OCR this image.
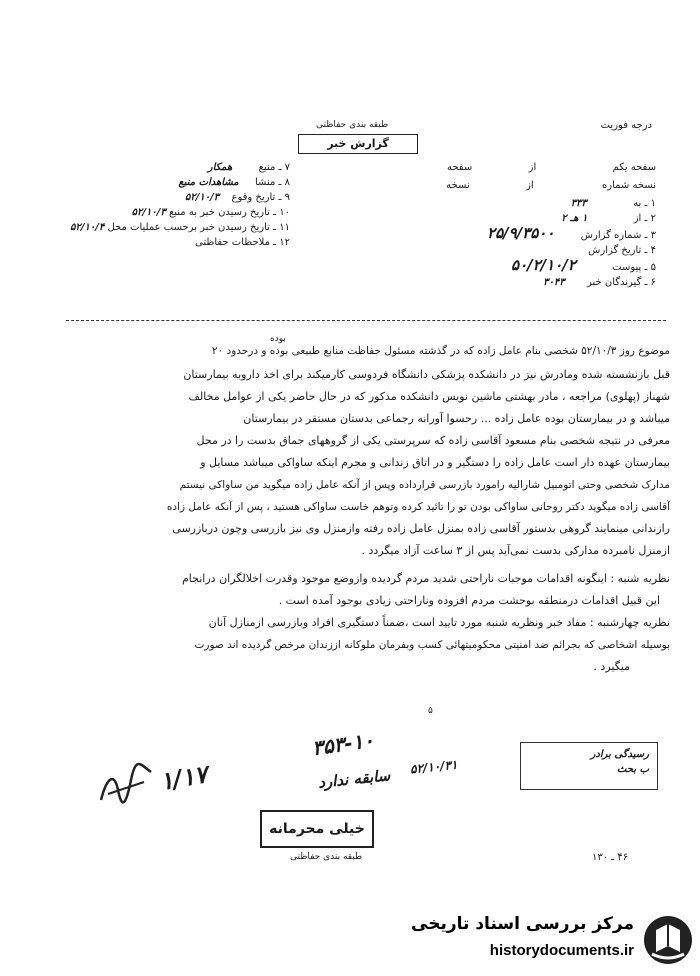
درجه فوریت
طبقه بندی حفاظتی
گزارش خبر
سفحه یکم  از  سفحه
نسخه شماره  از  نسخه
۱ ـ به  ۳۳۳
۲ ـ از  ۱ هـ ۲
۳ ـ شماره گزارش  ۲۵/۹/۳۵۰۰
۴ ـ تاریخ گزارش
۵ ـ پیوست  ۵۰/۲/۱۰/۲
۶ ـ گیرندگان خبر  ۳۰۴۳
۷ ـ منبع  همکار
۸ ـ منشا  مشاهدات منبع
۹ ـ تاریخ وقوع  ۵۲/۱۰/۳
۱۰ ـ تاریخ رسیدن خبر به منبع ۵۲/۱۰/۳
۱۱ ـ تاریخ رسیدن خبر برحسب عملیات محل ۵۲/۱۰/۴
۱۲ ـ ملاحظات حفاظتی
بوده
موضوع روز ۵۲/۱۰/۳ شخصی بنام عامل زاده که در گذشته مسئول حفاظت منابع طبیعی بوده و درحدود ۲۰
قبل بازنشسته شده ومادرش نیز در دانشکده پزشکی دانشگاه فردوسی کارمیکند برای اخذ داروبه بیمارستان
شهناز (پهلوی) مراجعه ، مادر بهشتی ماشین نویس دانشکده مذکور که در حال حاضر یکی از عوامل مخالف
میباشد و در بیمارستان بوده عامل زاده ... رحسوا آورانه رجماعی بدستان مستقر در بیمارستان
معرفی در نتیجه شخصی بنام مسعود آقاسی زاده که سرپرستی یکی از گروههای جماق بدست را در محل
بیمارستان عهده دار است عامل زاده را دستگیر و در اتاق زندانی و مجرم اینکه ساواکی میباشد مسایل و
مدارک شخصی وحتی اتومبیل شارالیه رامورد بازرسی قرارداده وپس از آنکه عامل زاده میگوید من ساواکی نیستم
آقاسی زاده میگوید دکتر روحانی ساواکی بودن تو را تائید کرده وتوهم خاست ساواکی هستید ، پس از آنکه عامل زاده
رازندانی مینمایند گروهی بدستور آقاسی زاده بمنزل عامل زاده رفته وازمنزل وی نیز بازرسی وچون دربازرسی
ازمنزل نامبرده مدارکی بدست نمی‌آید پس از ۳ ساعت آزاد میگردد .
نظریه شنبه : اینگونه اقدامات موجبات ناراحتی شدید مردم گردیده وازوضع موجود وقدرت اخلالگران درانجام
این قبیل اقدامات درمنطقه بوحشت مردم افزوده وناراحتی زیادی بوجود آمده است .
نظریه چهارشنبه : مفاد خبر ونظریه شنبه مورد تایید است ،ضمناً دستگیری افراد وبازرسی ازمنازل آنان
بوسیله اشخاصی که بجرائم ضد امنیتی محکومیتهائی کسب وبفرمان ملوکانه اززندان مرخص گردیده اند صورت
میگیرد .
۵
۳۵۳-۱۰
۵۲/۱۰/۳۱
سابقه ندارد
۱/۱۷
رسیدگی برادر
ب بحث
خیلی محرمانه
طبقه بندی حفاظتی	۴۶ ـ ۱۳۰
مرکز بررسی اسناد تاریخی
historydocuments.ir
